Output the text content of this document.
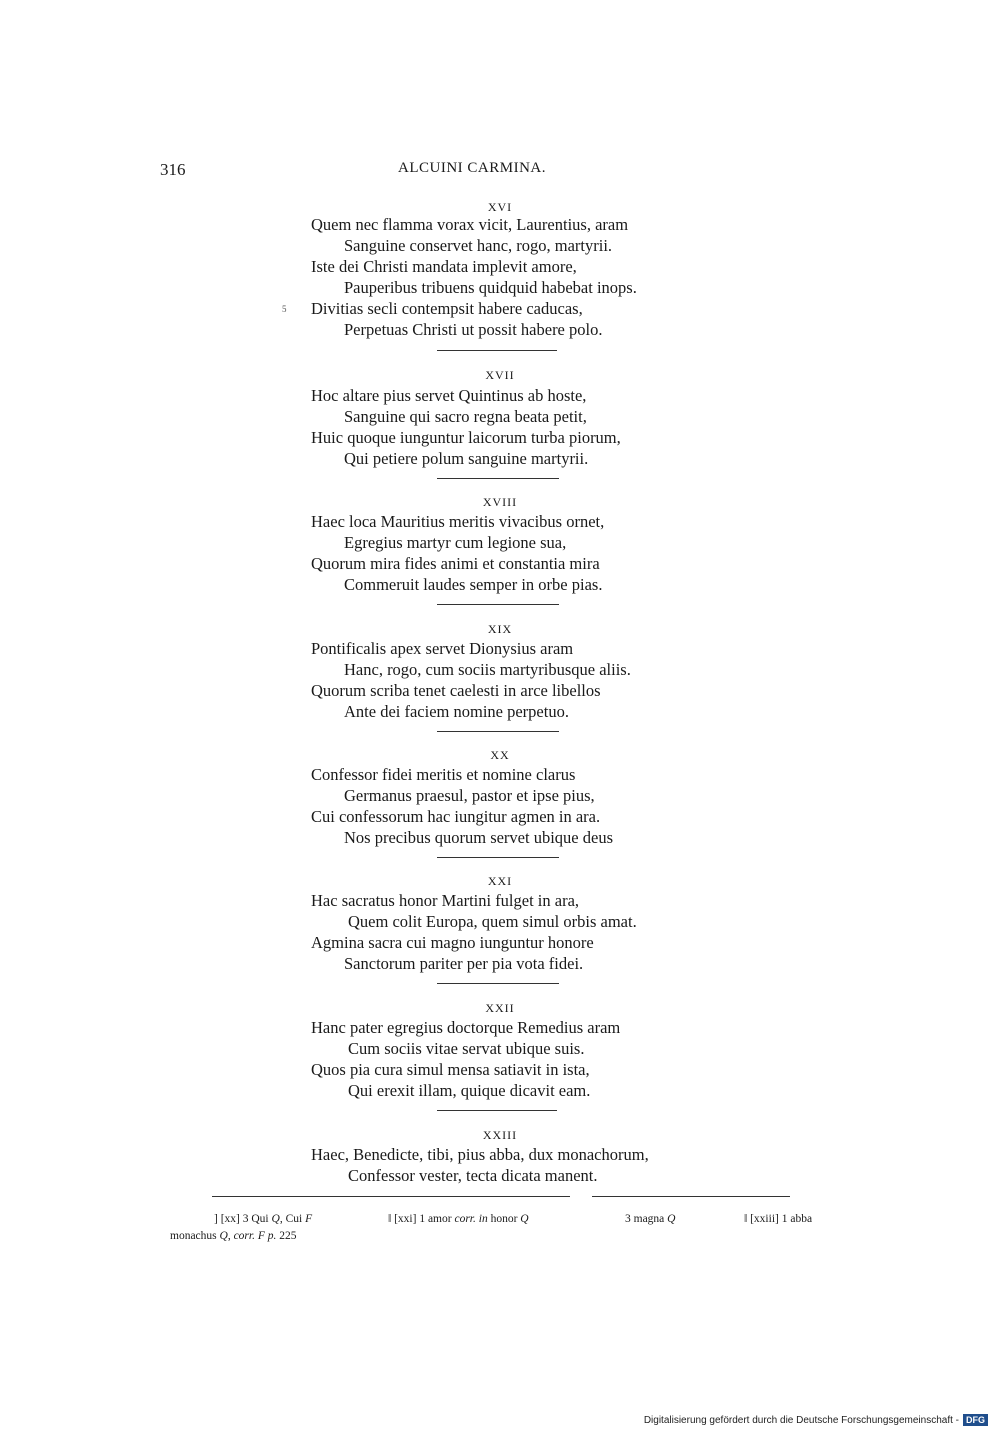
316	ALCUINI CARMINA.
XVI
Quem nec flamma vorax vicit, Laurentius, aram
Sanguine conservet hanc, rogo, martyrii.
Iste dei Christi mandata implevit amore,
Pauperibus tribuens quidquid habebat inops.
5 Divitias secli contempsit habere caducas,
Perpetuas Christi ut possit habere polo.
XVII
Hoc altare pius servet Quintinus ab hoste,
Sanguine qui sacro regna beata petit,
Huic quoque iunguntur laicorum turba piorum,
Qui petiere polum sanguine martyrii.
XVIII
Haec loca Mauritius meritis vivacibus ornet,
Egregius martyr cum legione sua,
Quorum mira fides animi et constantia mira
Commeruit laudes semper in orbe pias.
XIX
Pontificalis apex servet Dionysius aram
Hanc, rogo, cum sociis martyribusque aliis.
Quorum scriba tenet caelesti in arce libellos
Ante dei faciem nomine perpetuo.
XX
Confessor fidei meritis et nomine clarus
Germanus praesul, pastor et ipse pius,
Cui confessorum hac iungitur agmen in ara.
Nos precibus quorum servet ubique deus
XXI
Hac sacratus honor Martini fulget in ara,
Quem colit Europa, quem simul orbis amat.
Agmina sacra cui magno iunguntur honore
Sanctorum pariter per pia vota fidei.
XXII
Hanc pater egregius doctorque Remedius aram
Cum sociis vitae servat ubique suis.
Quos pia cura simul mensa satiavit in ista,
Qui erexit illam, quique dicavit eam.
XXIII
Haec, Benedicte, tibi, pius abba, dux monachorum,
Confessor vester, tecta dicata manent.
] [xx] 3 Qui Q, Cui F	‖ [xxi] 1 amor corr. in honor Q	3 magna Q	‖ [xxiii] 1 abba
monachus Q, corr. F p. 225
Digitalisierung gefördert durch die Deutsche Forschungsgemeinschaft - DFG
